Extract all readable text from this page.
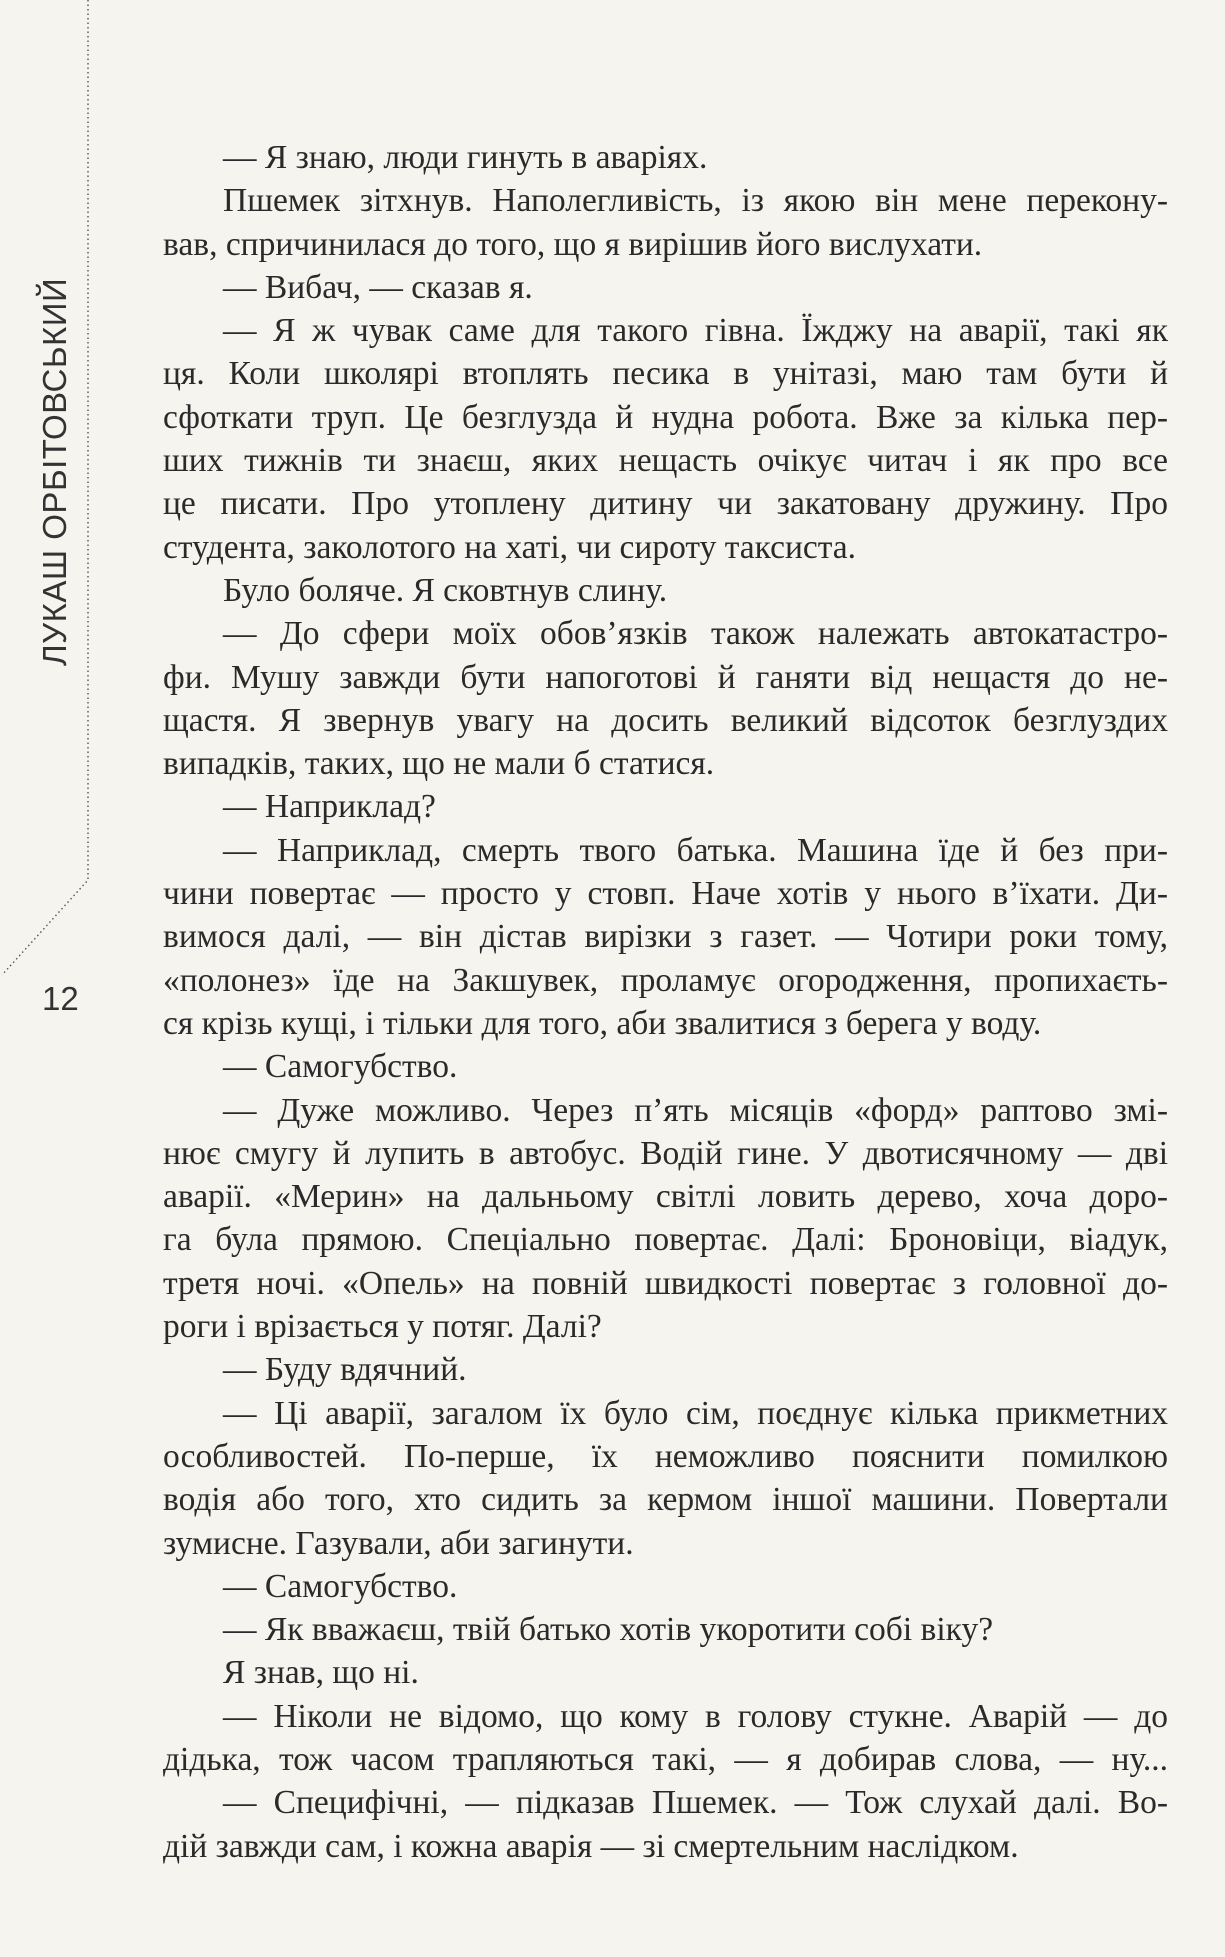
ЛУКАШ ОРБІТОВСЬКИЙ
12
— Я знаю, люди гинуть в аваріях.
Пшемек зітхнув. Наполегливість, із якою він мене перекону-
вав, спричинилася до того, що я вирішив його вислухати.
— Вибач, — сказав я.
— Я ж чувак саме для такого гівна. Їжджу на аварії, такі як
ця. Коли школярі втоплять песика в унітазі, маю там бути й
сфоткати труп. Це безглузда й нудна робота. Вже за кілька пер-
ших тижнів ти знаєш, яких нещасть очікує читач і як про все
це писати. Про утоплену дитину чи закатовану дружину. Про
студента, заколотого на хаті, чи сироту таксиста.
Було боляче. Я сковтнув слину.
— До сфери моїх обов’язків також належать автокатастро-
фи. Мушу завжди бути напоготові й ганяти від нещастя до не-
щастя. Я звернув увагу на досить великий відсоток безглуздих
випадків, таких, що не мали б статися.
— Наприклад?
— Наприклад, смерть твого батька. Машина їде й без при-
чини повертає — просто у стовп. Наче хотів у нього в’їхати. Ди-
вимося далі, — він дістав вирізки з газет. — Чотири роки тому,
«полонез» їде на Закшувек, проламує огородження, пропихаєть-
ся крізь кущі, і тільки для того, аби звалитися з берега у воду.
— Самогубство.
— Дуже можливо. Через п’ять місяців «форд» раптово змі-
нює смугу й лупить в автобус. Водій гине. У двотисячному — дві
аварії. «Мерин» на дальньому світлі ловить дерево, хоча доро-
га була прямою. Спеціально повертає. Далі: Броновіци, віадук,
третя ночі. «Опель» на повній швидкості повертає з головної до-
роги і врізається у потяг. Далі?
— Буду вдячний.
— Ці аварії, загалом їх було сім, поєднує кілька прикметних
особливостей. По-перше, їх неможливо пояснити помилкою
водія або того, хто сидить за кермом іншої машини. Повертали
зумисне. Газували, аби загинути.
— Самогубство.
— Як вважаєш, твій батько хотів укоротити собі віку?
Я знав, що ні.
— Ніколи не відомо, що кому в голову стукне. Аварій — до
дідька, тож часом трапляються такі, — я добирав слова, — ну...
— Специфічні, — підказав Пшемек. — Тож слухай далі. Во-
дій завжди сам, і кожна аварія — зі смертельним наслідком.
